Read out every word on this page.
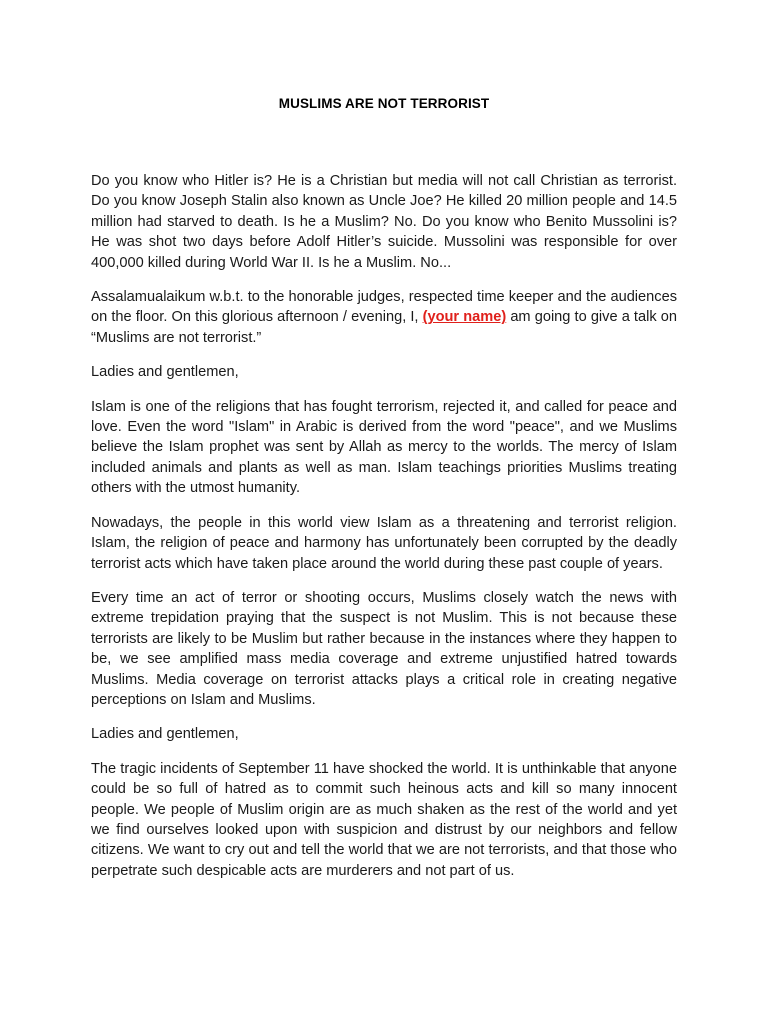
MUSLIMS ARE NOT TERRORIST

Do you know who Hitler is? He is a Christian but media will not call Christian as terrorist. Do you know Joseph Stalin also known as Uncle Joe? He killed 20 million people and 14.5 million had starved to death. Is he a Muslim? No. Do you know who Benito Mussolini is? He was shot two days before Adolf Hitler’s suicide. Mussolini was responsible for over 400,000 killed during World War II. Is he a Muslim. No...

Assalamualaikum w.b.t. to the honorable judges, respected time keeper and the audiences on the floor. On this glorious afternoon / evening, I, (your name) am going to give a talk on “Muslims are not terrorist.”

Ladies and gentlemen,

Islam is one of the religions that has fought terrorism, rejected it, and called for peace and love. Even the word "Islam" in Arabic is derived from the word "peace", and we Muslims believe the Islam prophet was sent by Allah as mercy to the worlds. The mercy of Islam included animals and plants as well as man. Islam teachings priorities Muslims treating others with the utmost humanity.

Nowadays, the people in this world view Islam as a threatening and terrorist religion. Islam, the religion of peace and harmony has unfortunately been corrupted by the deadly terrorist acts which have taken place around the world during these past couple of years.

Every time an act of terror or shooting occurs, Muslims closely watch the news with extreme trepidation praying that the suspect is not Muslim. This is not because these terrorists are likely to be Muslim but rather because in the instances where they happen to be, we see amplified mass media coverage and extreme unjustified hatred towards Muslims. Media coverage on terrorist attacks plays a critical role in creating negative perceptions on Islam and Muslims.

Ladies and gentlemen,

The tragic incidents of September 11 have shocked the world. It is unthinkable that anyone could be so full of hatred as to commit such heinous acts and kill so many innocent people. We people of Muslim origin are as much shaken as the rest of the world and yet we find ourselves looked upon with suspicion and distrust by our neighbors and fellow citizens. We want to cry out and tell the world that we are not terrorists, and that those who perpetrate such despicable acts are murderers and not part of us.
